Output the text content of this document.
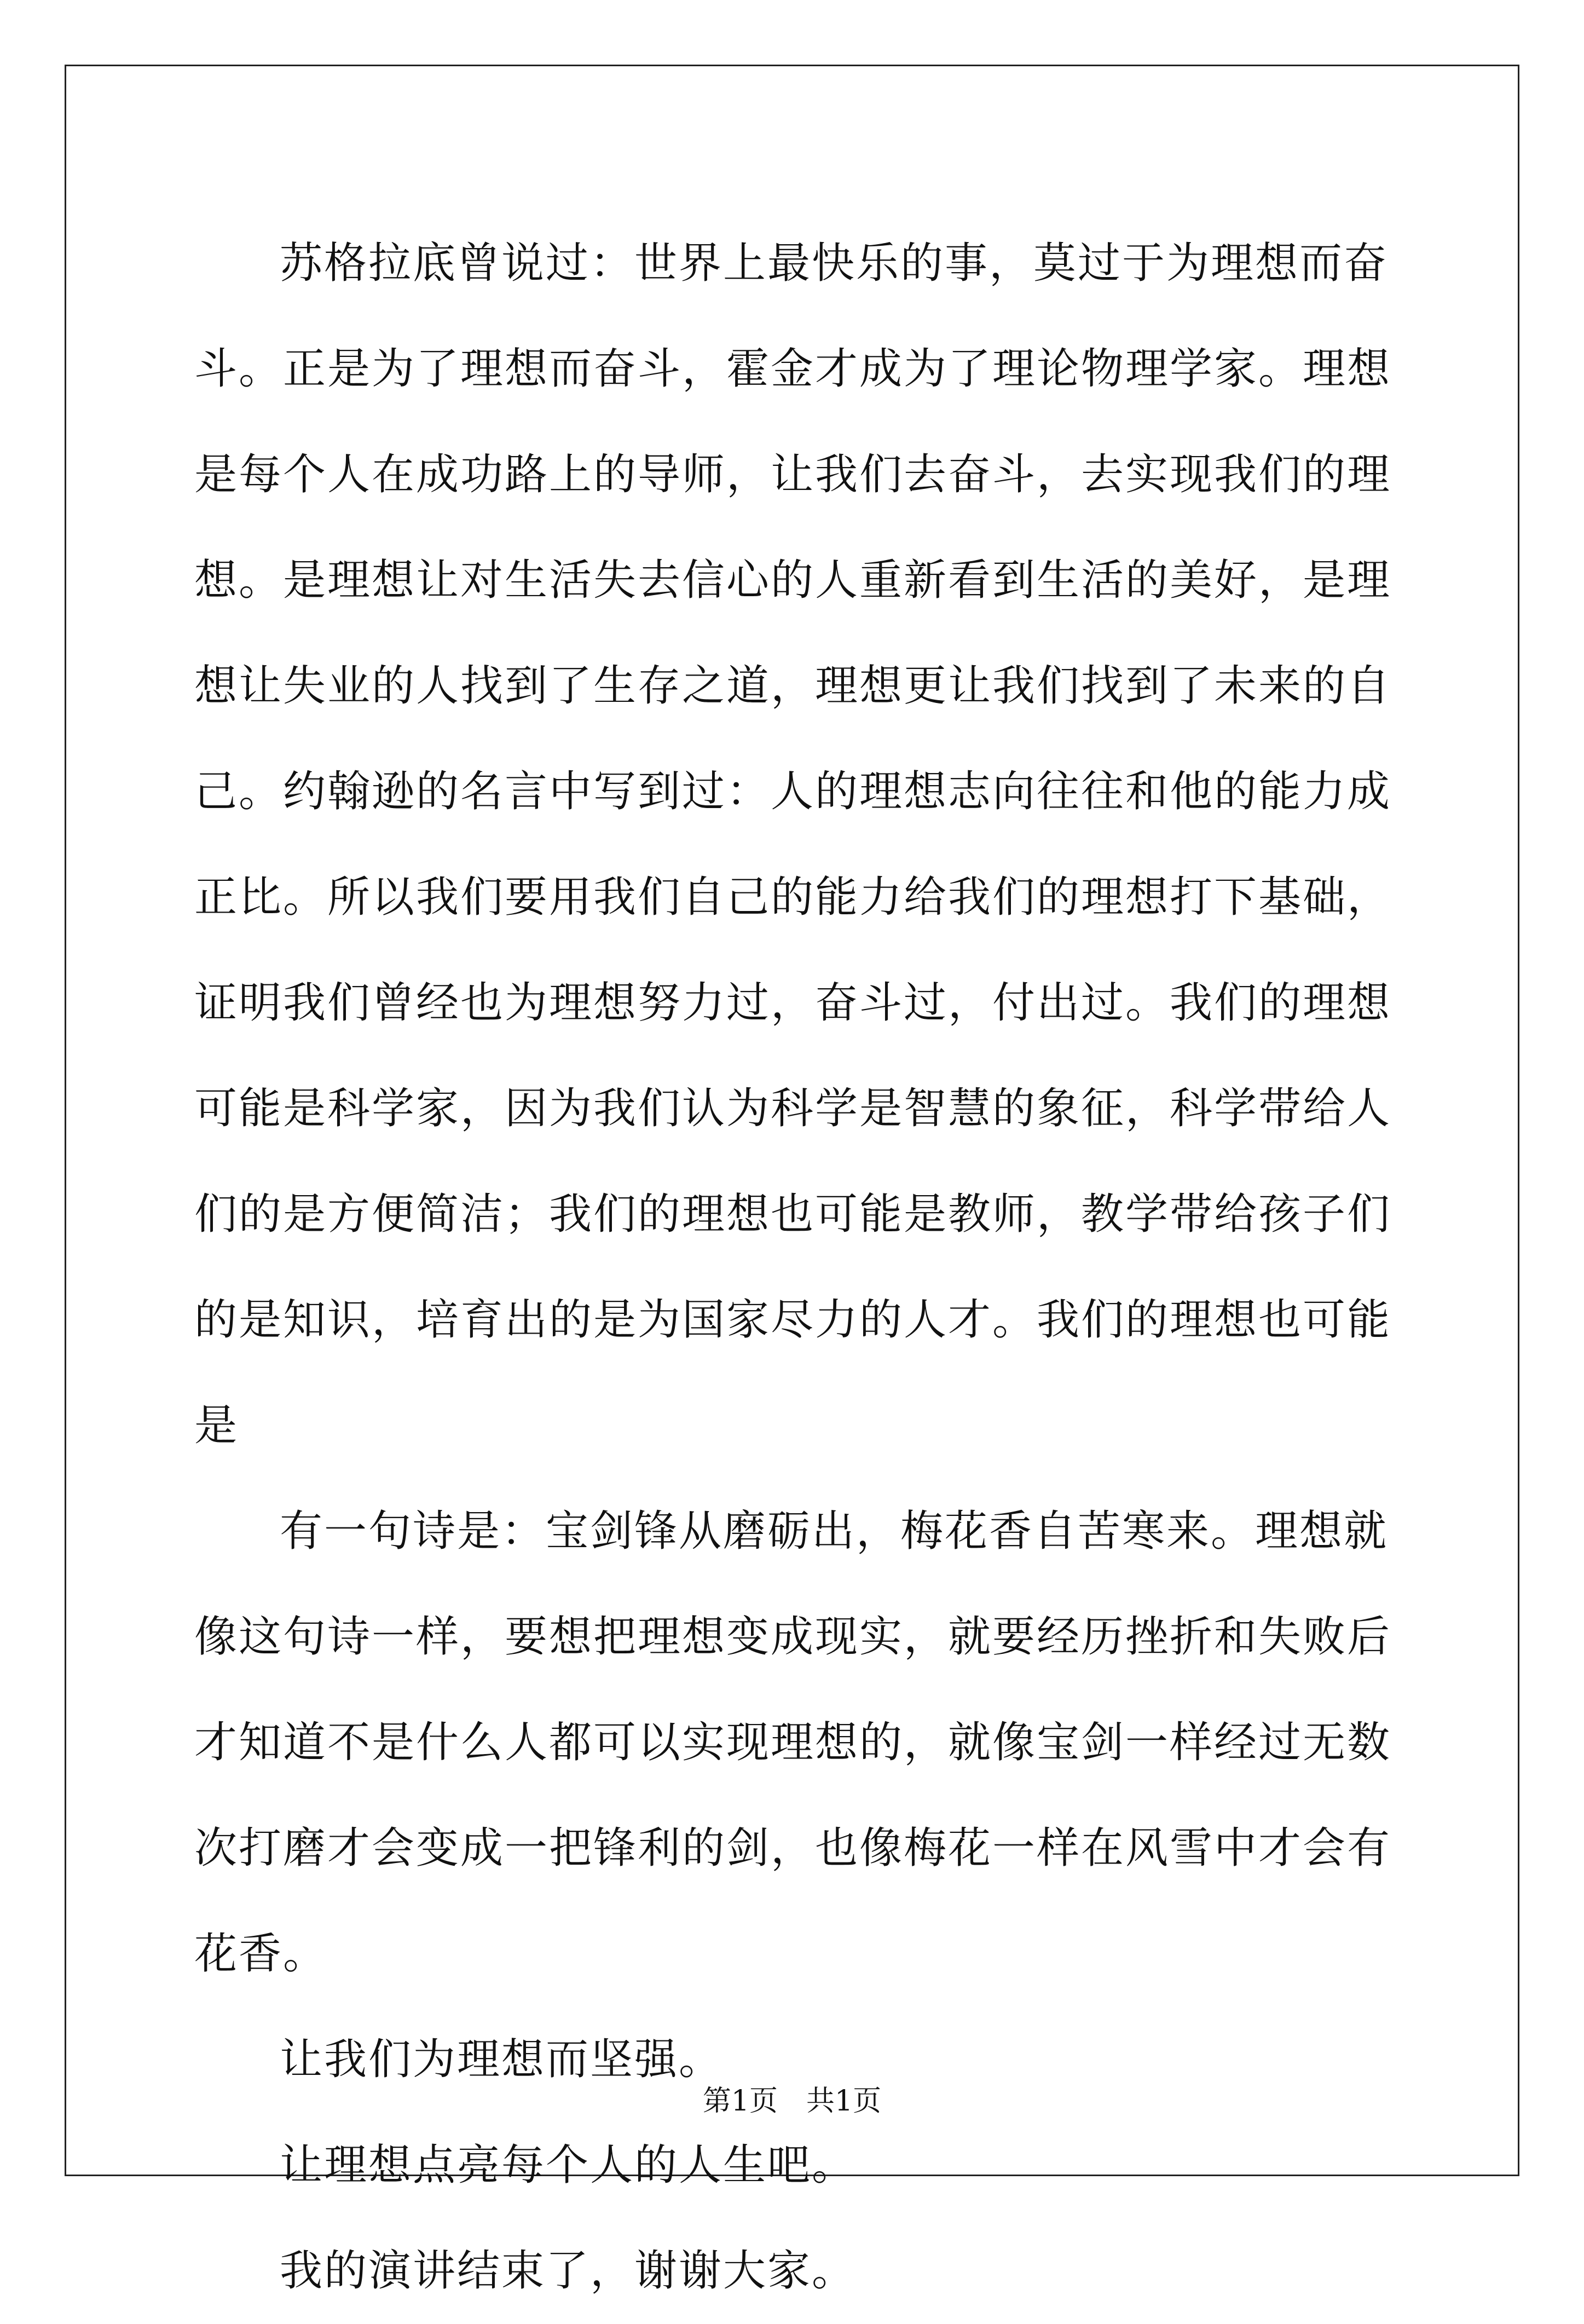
苏格拉底曾说过：世界上最快乐的事，莫过于为理想而奋斗。正是为了理想而奋斗，霍金才成为了理论物理学家。理想是每个人在成功路上的导师，让我们去奋斗，去实现我们的理想。是理想让对生活失去信心的人重新看到生活的美好，是理想让失业的人找到了生存之道，理想更让我们找到了未来的自己。约翰逊的名言中写到过：人的理想志向往往和他的能力成正比。所以我们要用我们自己的能力给我们的理想打下基础，证明我们曾经也为理想努力过，奋斗过，付出过。我们的理想可能是科学家，因为我们认为科学是智慧的象征，科学带给人们的是方便简洁；我们的理想也可能是教师，教学带给孩子们的是知识，培育出的是为国家尽力的人才。我们的理想也可能是

有一句诗是：宝剑锋从磨砺出，梅花香自苦寒来。理想就像这句诗一样，要想把理想变成现实，就要经历挫折和失败后才知道不是什么人都可以实现理想的，就像宝剑一样经过无数次打磨才会变成一把锋利的剑，也像梅花一样在风雪中才会有花香。

让我们为理想而坚强。

让理想点亮每个人的人生吧。

我的演讲结束了，谢谢大家。

第1页　共1页
